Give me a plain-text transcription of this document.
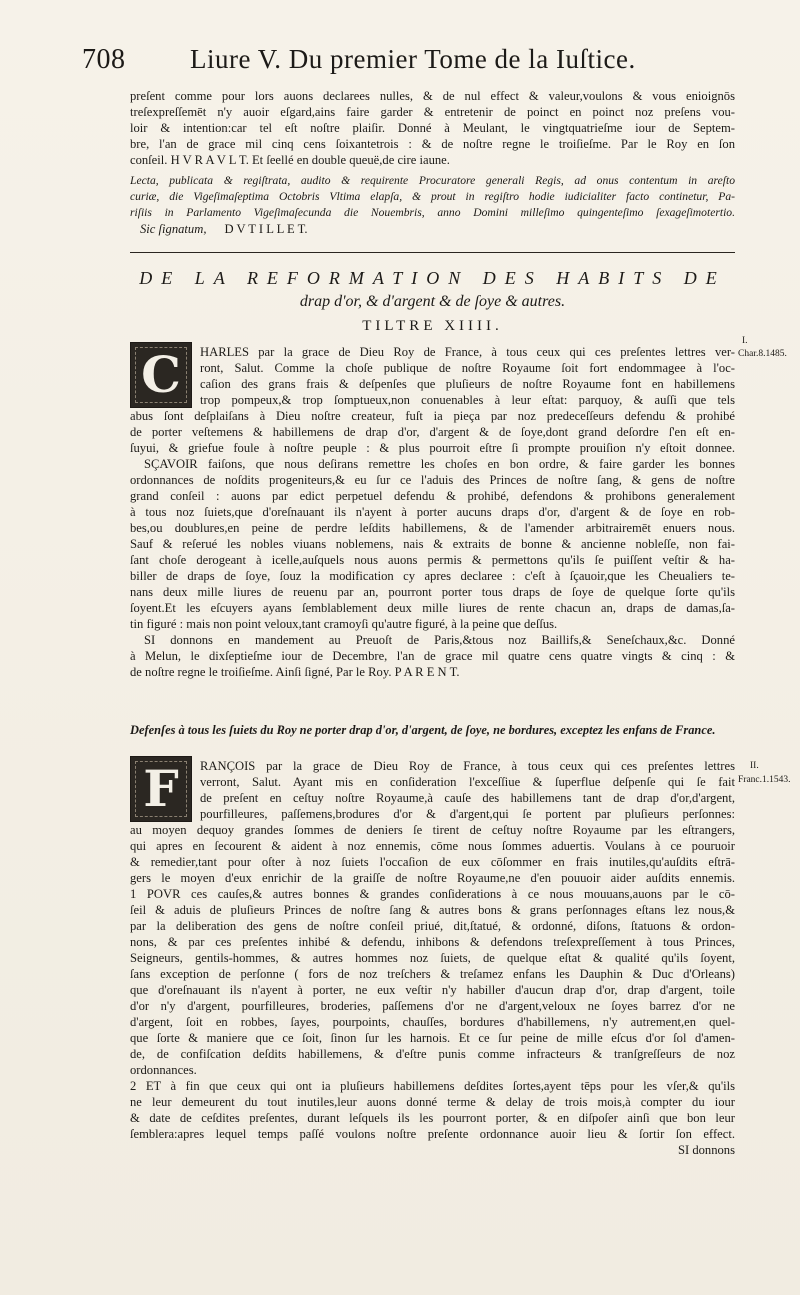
708 Liure V. Du premier Tome de la Iuſtice.
preſent comme pour lors auons declarees nulles, & de nul effect & valeur,voulons & vous enioignōs
treſexpreſſemēt n'y auoir eſgard,ains faire garder & entretenir de poinct en poinct noz preſens vou-
loir & intention:car tel eſt noſtre plaiſir. Donné à Meulant, le vingtquatrieſme iour de Septem-
bre, l'an de grace mil cinq cens ſoixantetrois : & de noſtre regne le troiſieſme. Par le Roy en ſon
conſeil. H V R A V L T. Et ſeellé en double queuë,de cire iaune.
Lecta, publicata & regiſtrata, audito & requirente Procuratore generali Regis, ad onus contentum in areſto
curiæ, die Vigeſimaſeptima Octobris Vltima elapſa, & prout in regiſtro hodie iudicialiter facto continetur, Pa-
riſiis in Parlamento Vigeſimaſecunda die Nouembris, anno Domini milleſimo quingenteſimo ſexageſimotertio.
Sic ſignatum, D V T I L L E T.
DE LA REFORMATION DES HABITS DE
drap d'or, & d'argent & de ſoye & autres.
TILTRE XIIII.
C
I.
Char.8.1485.
HARLES par la grace de Dieu Roy de France, à tous ceux qui ces preſentes lettres ver-
ront, Salut. Comme la choſe publique de noſtre Royaume ſoit fort endommagee à l'oc-
caſion des grans frais & deſpenſes que pluſieurs de noſtre Royaume font en habillemens
trop pompeux,& trop ſomptueux,non conuenables à leur eſtat: parquoy, & auſſi que tels
abus ſont deſplaiſans à Dieu noſtre createur, fuſt ia pieça par noz predeceſſeurs defendu & prohibé
de porter veſtemens & habillemens de drap d'or, d'argent & de ſoye,dont grand deſordre ſ'en eſt en-
ſuyui, & griefue foule à noſtre peuple : & plus pourroit eſtre ſi prompte prouiſion n'y eſtoit donnee.
SÇAVOIR faiſons, que nous deſirans remettre les choſes en bon ordre, & faire garder les bonnes
ordonnances de noſdits progeniteurs,& eu ſur ce l'aduis des Princes de noſtre ſang, & gens de noſtre
grand conſeil : auons par edict perpetuel defendu & prohibé, defendons & prohibons generalement
à tous noz ſuiets,que d'oreſnauant ils n'ayent à porter aucuns draps d'or, d'argent & de ſoye en rob-
bes,ou doublures,en peine de perdre leſdits habillemens, & de l'amender arbitrairemēt enuers nous.
Sauf & reſerué les nobles viuans noblemens, nais & extraits de bonne & ancienne nobleſſe, non fai-
ſant choſe derogeant à icelle,auſquels nous auons permis & permettons qu'ils ſe puiſſent veſtir & ha-
biller de draps de ſoye, ſouz la modification cy apres declaree : c'eſt à ſçauoir,que les Cheualiers te-
nans deux mille liures de reuenu par an, pourront porter tous draps de ſoye de quelque ſorte qu'ils
ſoyent.Et les eſcuyers ayans ſemblablement deux mille liures de rente chacun an, draps de damas,ſa-
tin figuré : mais non point veloux,tant cramoyſi qu'autre figuré, à la peine que deſſus.
SI donnons en mandement au Preuoſt de Paris,&tous noz Baillifs,& Seneſchaux,&c. Donné
à Melun, le dixſeptieſme iour de Decembre, l'an de grace mil quatre cens quatre vingts & cinq : &
de noſtre regne le troiſieſme. Ainſi ſigné, Par le Roy. P A R E N T.
Defenſes à tous les ſuiets du Roy ne porter drap d'or, d'argent, de ſoye, ne bordures, exceptez les enfans de France.
F	II.
Franc.1.1543.
RANÇOIS par la grace de Dieu Roy de France, à tous ceux qui ces preſentes lettres
verront, Salut. Ayant mis en conſideration l'exceſſiue & ſuperflue deſpenſe qui ſe fait
de preſent en ceſtuy noſtre Royaume,à cauſe des habillemens tant de drap d'or,d'argent,
pourfilleures, paſſemens,brodures d'or & d'argent,qui ſe portent par pluſieurs perſonnes:
au moyen dequoy grandes ſommes de deniers ſe tirent de ceſtuy noſtre Royaume par les eſtrangers,
qui apres en ſecourent & aident à noz ennemis, cōme nous ſommes aduertis. Voulans à ce pouruoir
& remedier,tant pour oſter à noz ſuiets l'occaſion de eux cōſommer en frais inutiles,qu'auſdits eſtrā-
gers le moyen d'eux enrichir de la graiſſe de noſtre Royaume,ne d'en pouuoir aider auſdits ennemis.
1 POVR ces cauſes,& autres bonnes & grandes conſiderations à ce nous mouuans,auons par le cō-
ſeil & aduis de pluſieurs Princes de noſtre ſang & autres bons & grans perſonnages eſtans lez nous,&
par la deliberation des gens de noſtre conſeil priué, dit,ſtatué, & ordonné, diſons, ſtatuons & ordon-
nons, & par ces preſentes inhibé & defendu, inhibons & defendons treſexpreſſement à tous Princes,
Seigneurs, gentils-hommes, & autres hommes noz ſuiets, de quelque eſtat & qualité qu'ils ſoyent,
ſans exception de perſonne ( fors de noz treſchers & treſamez enfans les Dauphin & Duc d'Orleans)
que d'oreſnauant ils n'ayent à porter, ne eux veſtir n'y habiller d'aucun drap d'or, drap d'argent, toile
d'or n'y d'argent, pourfilleures, broderies, paſſemens d'or ne d'argent,veloux ne ſoyes barrez d'or ne
d'argent, ſoit en robbes, ſayes, pourpoints, chauſſes, bordures d'habillemens, n'y autrement,en quel-
que ſorte & maniere que ce ſoit, ſinon ſur les harnois. Et ce ſur peine de mille eſcus d'or ſol d'amen-
de, de confiſcation deſdits habillemens, & d'eſtre punis comme infracteurs & tranſgreſſeurs de noz
ordonnances.
2 ET à fin que ceux qui ont ia pluſieurs habillemens deſdites ſortes,ayent tēps pour les vſer,& qu'ils
ne leur demeurent du tout inutiles,leur auons donné terme & delay de trois mois,à compter du iour
& date de ceſdites preſentes, durant leſquels ils les pourront porter, & en diſpoſer ainſi que bon leur
ſemblera:apres lequel temps paſſé voulons noſtre preſente ordonnance auoir lieu & ſortir ſon effect.
SI donnons
